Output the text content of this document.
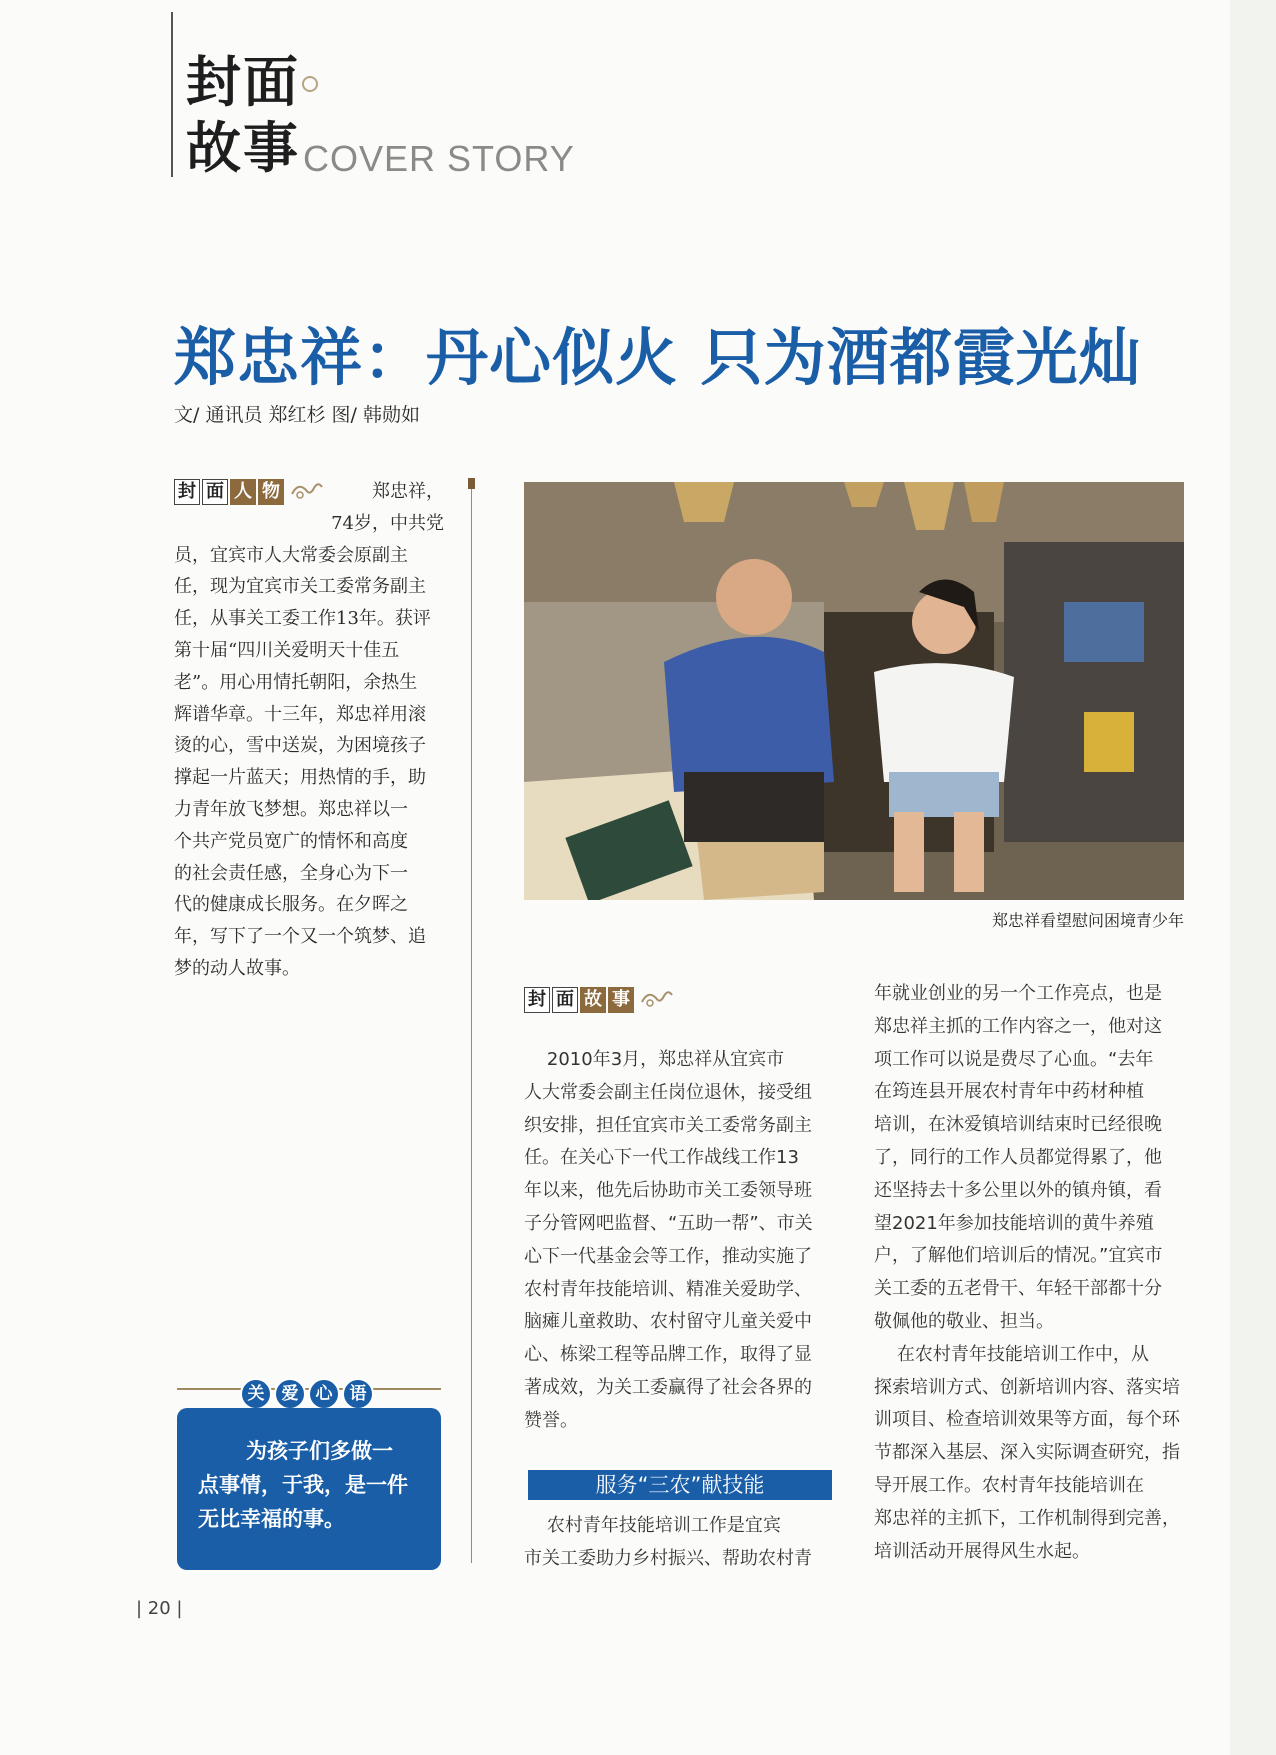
封面
故事 COVER STORY
郑忠祥：丹心似火 只为酒都霞光灿
文/ 通讯员 郑红杉 图/ 韩勋如
封 面 人 物	郑忠祥，
74岁，中共党
员，宜宾市人大常委会原副主
任，现为宜宾市关工委常务副主
任，从事关工委工作13年。获评
第十届“四川关爱明天十佳五
老”。用心用情托朝阳，余热生
辉谱华章。十三年，郑忠祥用滚
烫的心，雪中送炭，为困境孩子
撑起一片蓝天；用热情的手，助
力青年放飞梦想。郑忠祥以一
个共产党员宽广的情怀和高度
的社会责任感，全身心为下一
代的健康成长服务。在夕晖之
年，写下了一个又一个筑梦、追
梦的动人故事。
关	爱	心	语
为孩子们多做一
点事情，于我，是一件
无比幸福的事。
郑忠祥看望慰问困境青少年
封 面 故 事
2010年3月，郑忠祥从宜宾市
人大常委会副主任岗位退休，接受组
织安排，担任宜宾市关工委常务副主
任。在关心下一代工作战线工作13
年以来，他先后协助市关工委领导班
子分管网吧监督、“五助一帮”、市关
心下一代基金会等工作，推动实施了
农村青年技能培训、精准关爱助学、
脑瘫儿童救助、农村留守儿童关爱中
心、栋梁工程等品牌工作，取得了显
著成效，为关工委赢得了社会各界的
赞誉。
服务“三农”献技能
农村青年技能培训工作是宜宾
市关工委助力乡村振兴、帮助农村青
年就业创业的另一个工作亮点，也是
郑忠祥主抓的工作内容之一，他对这
项工作可以说是费尽了心血。“去年
在筠连县开展农村青年中药材种植
培训，在沐爱镇培训结束时已经很晚
了，同行的工作人员都觉得累了，他
还坚持去十多公里以外的镇舟镇，看
望2021年参加技能培训的黄牛养殖
户，了解他们培训后的情况。”宜宾市
关工委的五老骨干、年轻干部都十分
敬佩他的敬业、担当。
在农村青年技能培训工作中，从
探索培训方式、创新培训内容、落实培
训项目、检查培训效果等方面，每个环
节都深入基层、深入实际调查研究，指
导开展工作。农村青年技能培训在
郑忠祥的主抓下，工作机制得到完善，
培训活动开展得风生水起。
| 20 |
